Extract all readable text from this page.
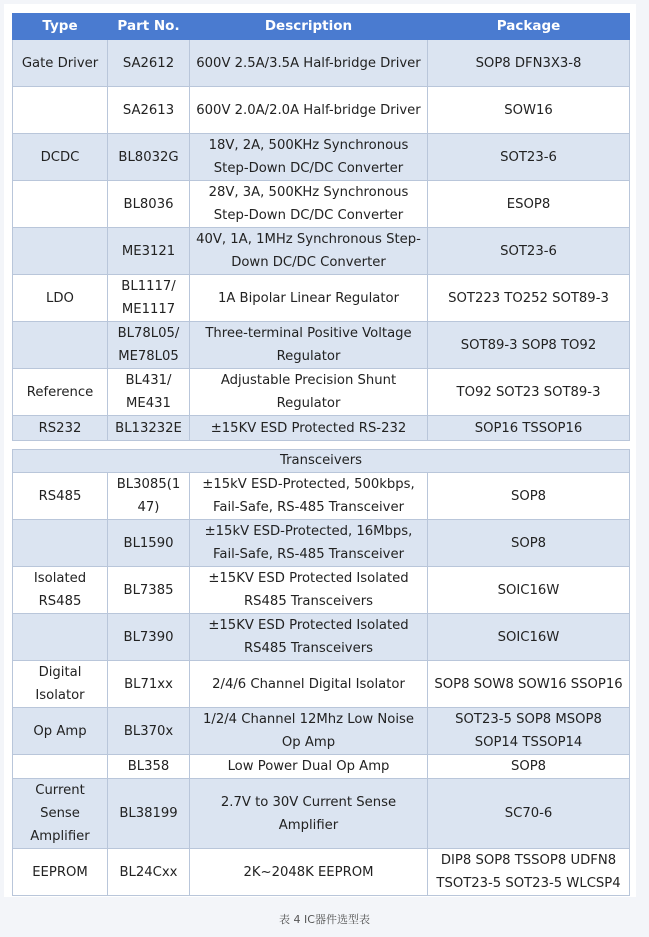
Type	Part No.	Description	Package
Gate Driver	SA2612	600V 2.5A/3.5A Half-bridge Driver	SOP8 DFN3X3-8
	SA2613	600V 2.0A/2.0A Half-bridge Driver	SOW16
DCDC	BL8032G	18V, 2A, 500KHz Synchronous Step-Down DC/DC Converter	SOT23-6
	BL8036	28V, 3A, 500KHz Synchronous Step-Down DC/DC Converter	ESOP8
	ME3121	40V, 1A, 1MHz Synchronous Step-Down DC/DC Converter	SOT23-6
LDO	BL1117/ ME1117	1A Bipolar Linear Regulator	SOT223 TO252 SOT89-3
	BL78L05/ ME78L05	Three-terminal Positive Voltage Regulator	SOT89-3 SOP8 TO92
Reference	BL431/ ME431	Adjustable Precision Shunt Regulator	TO92 SOT23 SOT89-3
RS232	BL13232E	±15KV ESD Protected RS-232	SOP16 TSSOP16
Transceivers			
RS485	BL3085(1 47)	±15kV ESD-Protected, 500kbps, Fail-Safe, RS-485 Transceiver	SOP8
	BL1590	±15kV ESD-Protected, 16Mbps, Fail-Safe, RS-485 Transceiver	SOP8
Isolated RS485	BL7385	±15KV ESD Protected Isolated RS485 Transceivers	SOIC16W
	BL7390	±15KV ESD Protected Isolated RS485 Transceivers	SOIC16W
Digital Isolator	BL71xx	2/4/6 Channel Digital Isolator	SOP8 SOW8 SOW16 SSOP16
Op Amp	BL370x	1/2/4 Channel 12Mhz Low Noise Op Amp	SOT23-5 SOP8 MSOP8 SOP14 TSSOP14
	BL358	Low Power Dual Op Amp	SOP8
Current Sense Amplifier	BL38199	2.7V to 30V Current Sense Amplifier	SC70-6
EEPROM	BL24Cxx	2K~2048K EEPROM	DIP8 SOP8 TSSOP8 UDFN8 TSOT23-5 SOT23-5 WLCSP4
表 4 IC器件选型表
